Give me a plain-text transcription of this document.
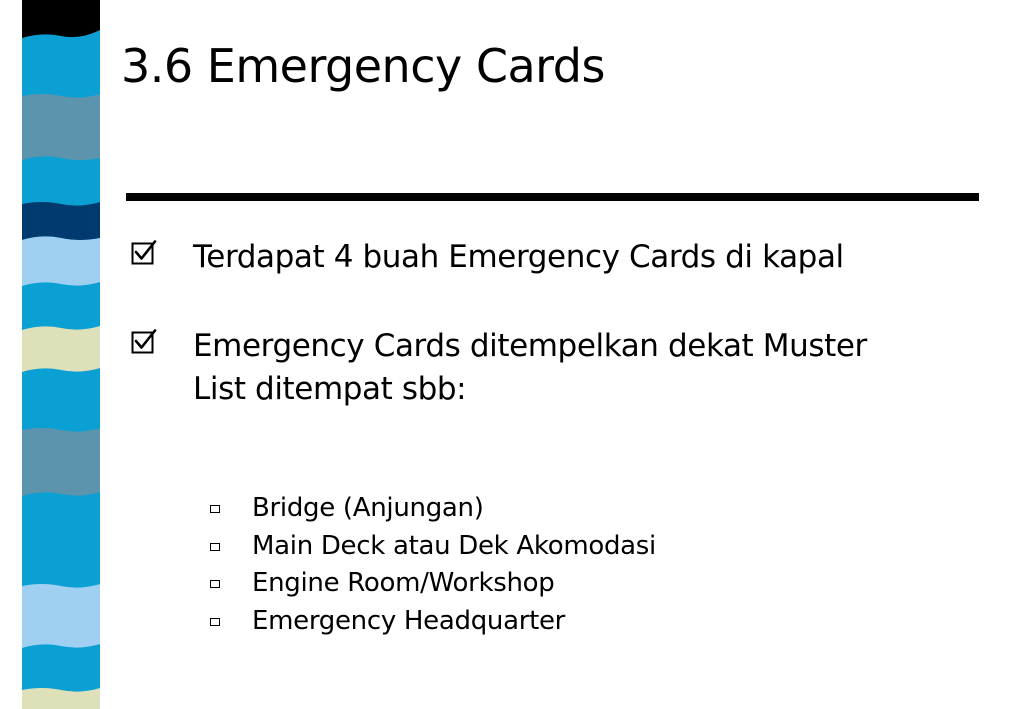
3.6 Emergency Cards
Terdapat 4 buah Emergency Cards di kapal
Emergency Cards ditempelkan dekat Muster List ditempat sbb:
Bridge (Anjungan)
Main Deck atau Dek Akomodasi
Engine Room/Workshop
Emergency Headquarter
